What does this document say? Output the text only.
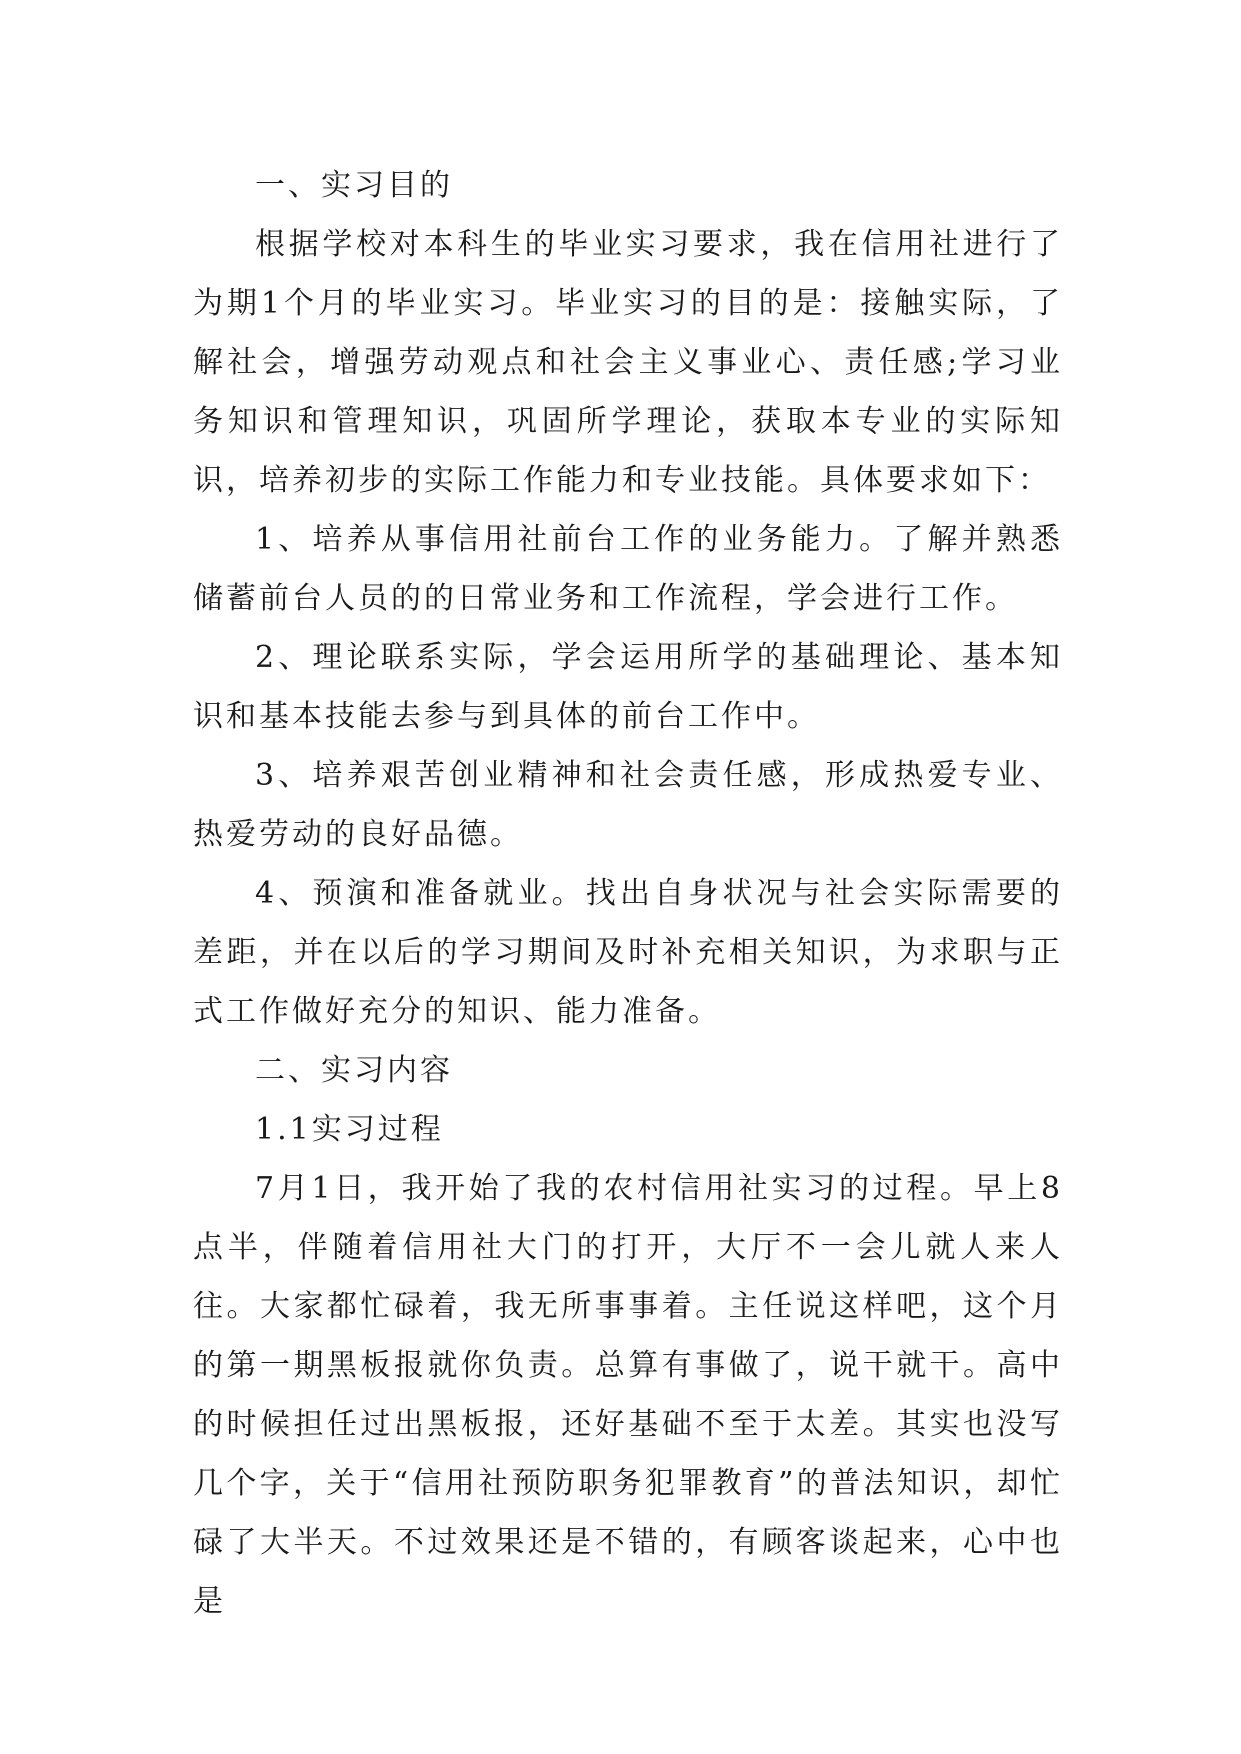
一、实习目的

根据学校对本科生的毕业实习要求，我在信用社进行了为期1个月的毕业实习。毕业实习的目的是：接触实际，了解社会，增强劳动观点和社会主义事业心、责任感;学习业务知识和管理知识，巩固所学理论，获取本专业的实际知识，培养初步的实际工作能力和专业技能。具体要求如下：

1、培养从事信用社前台工作的业务能力。了解并熟悉储蓄前台人员的的日常业务和工作流程，学会进行工作。

2、理论联系实际，学会运用所学的基础理论、基本知识和基本技能去参与到具体的前台工作中。

3、培养艰苦创业精神和社会责任感，形成热爱专业、热爱劳动的良好品德。

4、预演和准备就业。找出自身状况与社会实际需要的差距，并在以后的学习期间及时补充相关知识，为求职与正式工作做好充分的知识、能力准备。

二、实习内容

1.1实习过程

7月1日，我开始了我的农村信用社实习的过程。早上8点半，伴随着信用社大门的打开，大厅不一会儿就人来人往。大家都忙碌着，我无所事事着。主任说这样吧，这个月的第一期黑板报就你负责。总算有事做了，说干就干。高中的时候担任过出黑板报，还好基础不至于太差。其实也没写几个字，关于“信用社预防职务犯罪教育”的普法知识，却忙碌了大半天。不过效果还是不错的，有顾客谈起来，心中也是
